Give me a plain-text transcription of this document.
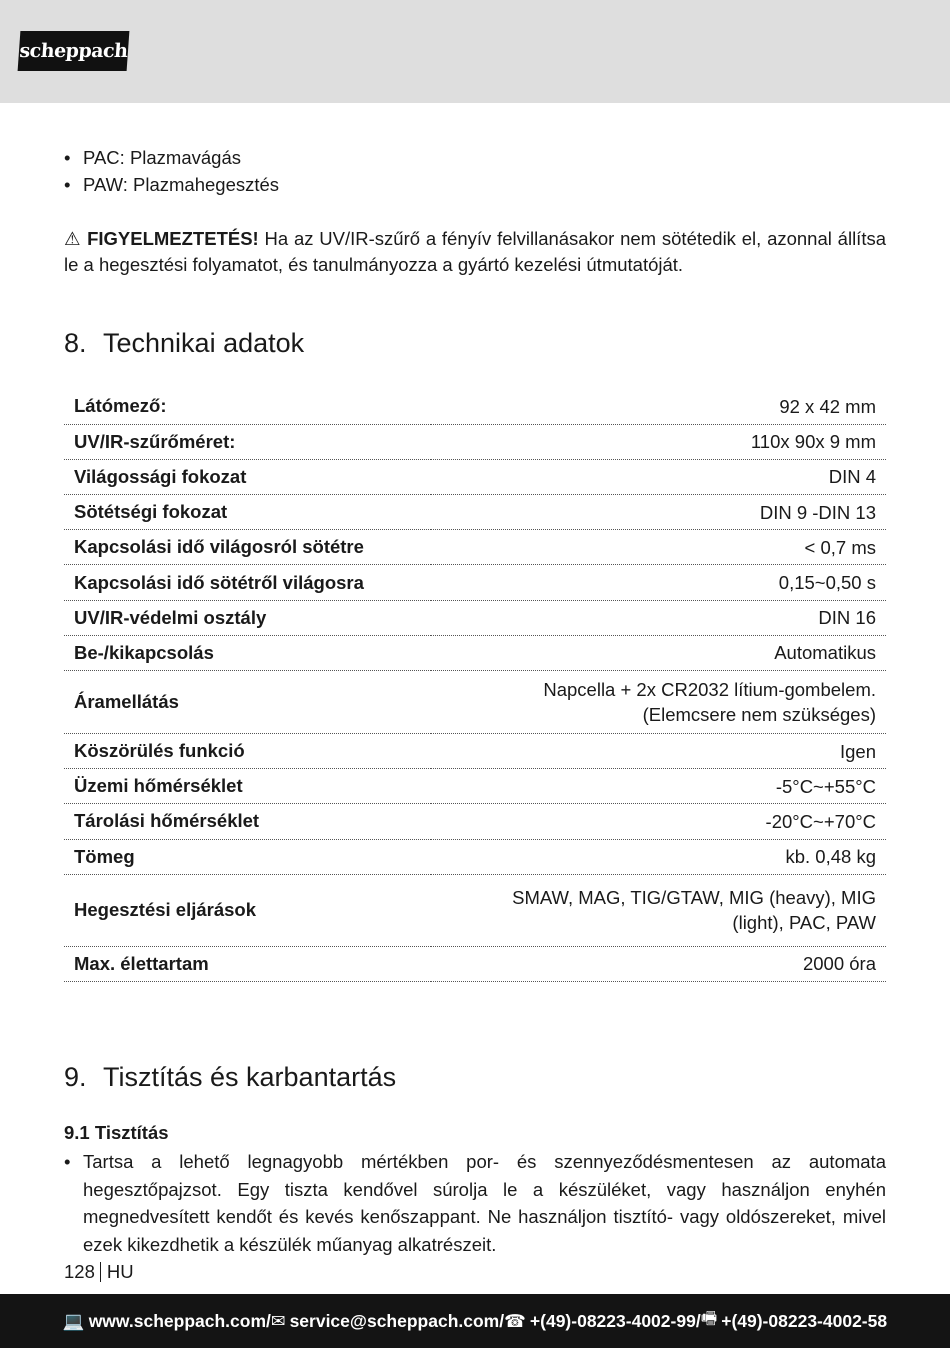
scheppach
• PAC: Plazmavágás
• PAW: Plazmahegesztés

⚠ FIGYELMEZTETÉS! Ha az UV/IR-szűrő a fényív felvillanásakor nem sötétedik el, azonnal állítsa le a hegesztési folyamatot, és tanulmányozza a gyártó kezelési útmutatóját.

8. Technikai adatok
Látómező:	92 x 42 mm
UV/IR-szűrőméret:	110x 90x 9 mm
Világossági fokozat	DIN 4
Sötétségi fokozat	DIN 9 -DIN 13
Kapcsolási idő világosról sötétre	< 0,7 ms
Kapcsolási idő sötétről világosra	0,15~0,50 s
UV/IR-védelmi osztály	DIN 16
Be-/kikapcsolás	Automatikus
Áramellátás	Napcella + 2x CR2032 lítium-gombelem.
(Elemcsere nem szükséges)

Köszörülés funkció	Igen
Üzemi hőmérséklet	-5°C~+55°C
Tárolási hőmérséklet	-20°C~+70°C
Tömeg	kb. 0,48 kg
Hegesztési eljárások	SMAW, MAG, TIG/GTAW, MIG (heavy), MIG
(light), PAC, PAW

Max. élettartam	2000 óra
9. Tisztítás és karbantartás
9.1 Tisztítás
• Tartsa a lehető legnagyobb mértékben por- és szennyeződésmentesen az automata hegesztőpajzsot. Egy tiszta kendővel súrolja le a készüléket, vagy használjon enyhén megnedvesített kendőt és kevés kenőszappant. Ne használjon tisztító- vagy oldószereket, mivel ezek kikezdhetik a készülék műanyag alkatrészeit.
128 HU
💻 www.scheppach.com / ✉ service@scheppach.com / ☎ +(49)-08223-4002-99 / 🖷 +(49)-08223-4002-58
